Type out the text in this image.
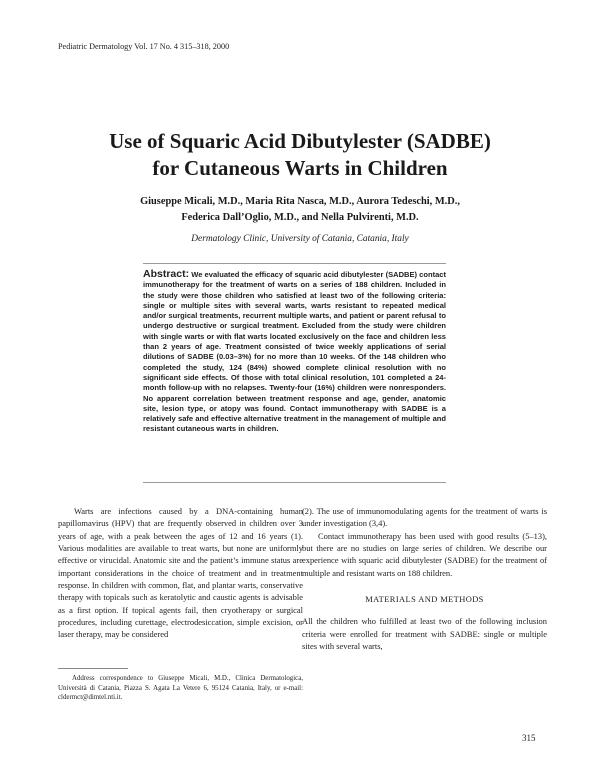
Pediatric Dermatology Vol. 17 No. 4 315–318, 2000
Use of Squaric Acid Dibutylester (SADBE)
for Cutaneous Warts in Children
Giuseppe Micali, M.D., Maria Rita Nasca, M.D., Aurora Tedeschi, M.D.,
Federica Dall’Oglio, M.D., and Nella Pulvirenti, M.D.
Dermatology Clinic, University of Catania, Catania, Italy
Abstract: We evaluated the efficacy of squaric acid dibutylester (SADBE) contact immunotherapy for the treatment of warts on a series of 188 children. Included in the study were those children who satisfied at least two of the following criteria: single or multiple sites with several warts, warts resistant to repeated medical and/or surgical treatments, recurrent multiple warts, and patient or parent refusal to undergo destructive or surgical treatment. Excluded from the study were children with single warts or with flat warts located exclusively on the face and children less than 2 years of age. Treatment consisted of twice weekly applications of serial dilutions of SADBE (0.03–3%) for no more than 10 weeks. Of the 148 children who completed the study, 124 (84%) showed complete clinical resolution with no significant side effects. Of those with total clinical resolution, 101 completed a 24-month follow-up with no relapses. Twenty-four (16%) children were nonresponders. No apparent correlation between treatment response and age, gender, anatomic site, lesion type, or atopy was found. Contact immunotherapy with SADBE is a relatively safe and effective alternative treatment in the management of multiple and resistant cutaneous warts in children.

Warts are infections caused by a DNA-containing human papillomavirus (HPV) that are frequently observed in children over 3 years of age, with a peak between the ages of 12 and 16 years (1). Various modalities are available to treat warts, but none are uniformly effective or virucidal. Anatomic site and the patient’s immune status are important considerations in the choice of treatment and in treatment response. In children with common, flat, and plantar warts, conservative therapy with topicals such as keratolytic and caustic agents is advisable as a first option. If topical agents fail, then cryotherapy or surgical procedures, including curettage, electrodesiccation, simple excision, or laser therapy, may be considered

(2). The use of immunomodulating agents for the treatment of warts is under investigation (3,4).

Contact immunotherapy has been used with good results (5–13), but there are no studies on large series of children. We describe our experience with squaric acid dibutylester (SADBE) for the treatment of multiple and resistant warts on 188 children.

MATERIALS AND METHODS

All the children who fulfilled at least two of the following inclusion criteria were enrolled for treatment with SADBE: single or multiple sites with several warts,

Address correspondence to Giuseppe Micali, M.D., Clinica Dermatologica, Università di Catania, Piazza S. Agata La Vetere 6, 95124 Catania, Italy, or e-mail: cldermct@dimtel.nti.it.

315
